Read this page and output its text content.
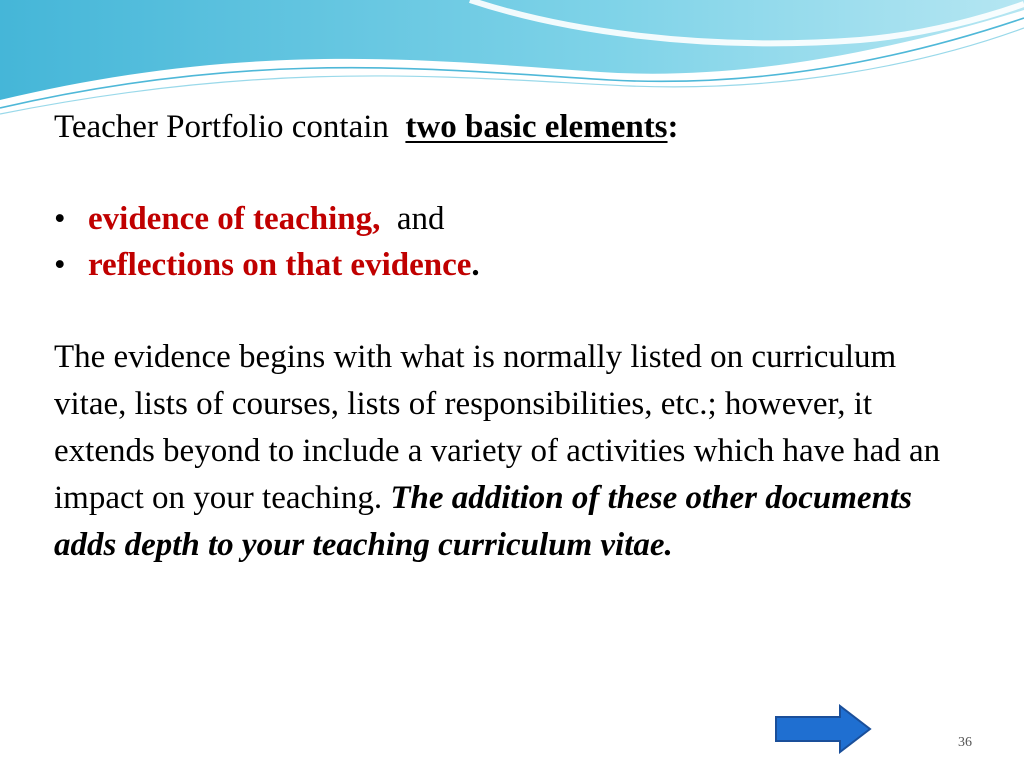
Teacher Portfolio contain two basic elements:
• evidence of teaching, and
• reflections on that evidence.
The evidence begins with what is normally listed on curriculum vitae, lists of courses, lists of responsibilities, etc.; however, it extends beyond to include a variety of activities which have had an impact on your teaching. The addition of these other documents adds depth to your teaching curriculum vitae.
36
